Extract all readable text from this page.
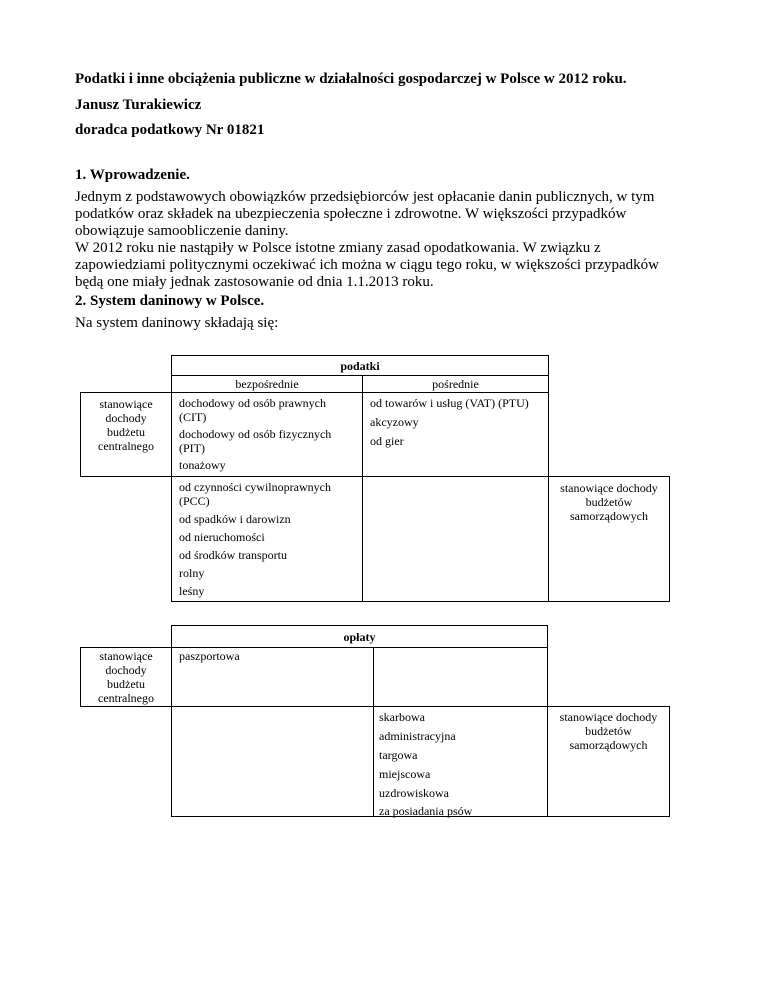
Podatki i inne obciążenia publiczne w działalności gospodarczej w Polsce w 2012 roku.
Janusz Turakiewicz
doradca podatkowy Nr 01821
1. Wprowadzenie.
Jednym z podstawowych obowiązków przedsiębiorców jest opłacanie danin publicznych, w tym
podatków oraz składek na ubezpieczenia społeczne i zdrowotne. W większości przypadków
obowiązuje samoobliczenie daniny.
W 2012 roku nie nastąpiły w Polsce istotne zmiany zasad opodatkowania. W związku z
zapowiedziami politycznymi oczekiwać ich można w ciągu tego roku, w większości przypadków
będą one miały jednak zastosowanie od dnia 1.1.2013 roku.
2. System daninowy w Polsce.
Na system daninowy składają się:
podatki
bezpośrednie	pośrednie
stanowiące
dochody
budżetu
centralnego
dochodowy od osób prawnych (CIT)
dochodowy od osób fizycznych (PIT)
tonażowy
od towarów i usług (VAT) (PTU)
akcyzowy
od gier
od czynności cywilnoprawnych (PCC)
od spadków i darowizn
od nieruchomości
od środków transportu
rolny
leśny
stanowiące dochody budżetów samorządowych
opłaty
stanowiące
dochody
budżetu
centralnego
paszportowa
skarbowa
administracyjna
targowa
miejscowa
uzdrowiskowa
za posiadania psów
stanowiące dochody budżetów samorządowych
